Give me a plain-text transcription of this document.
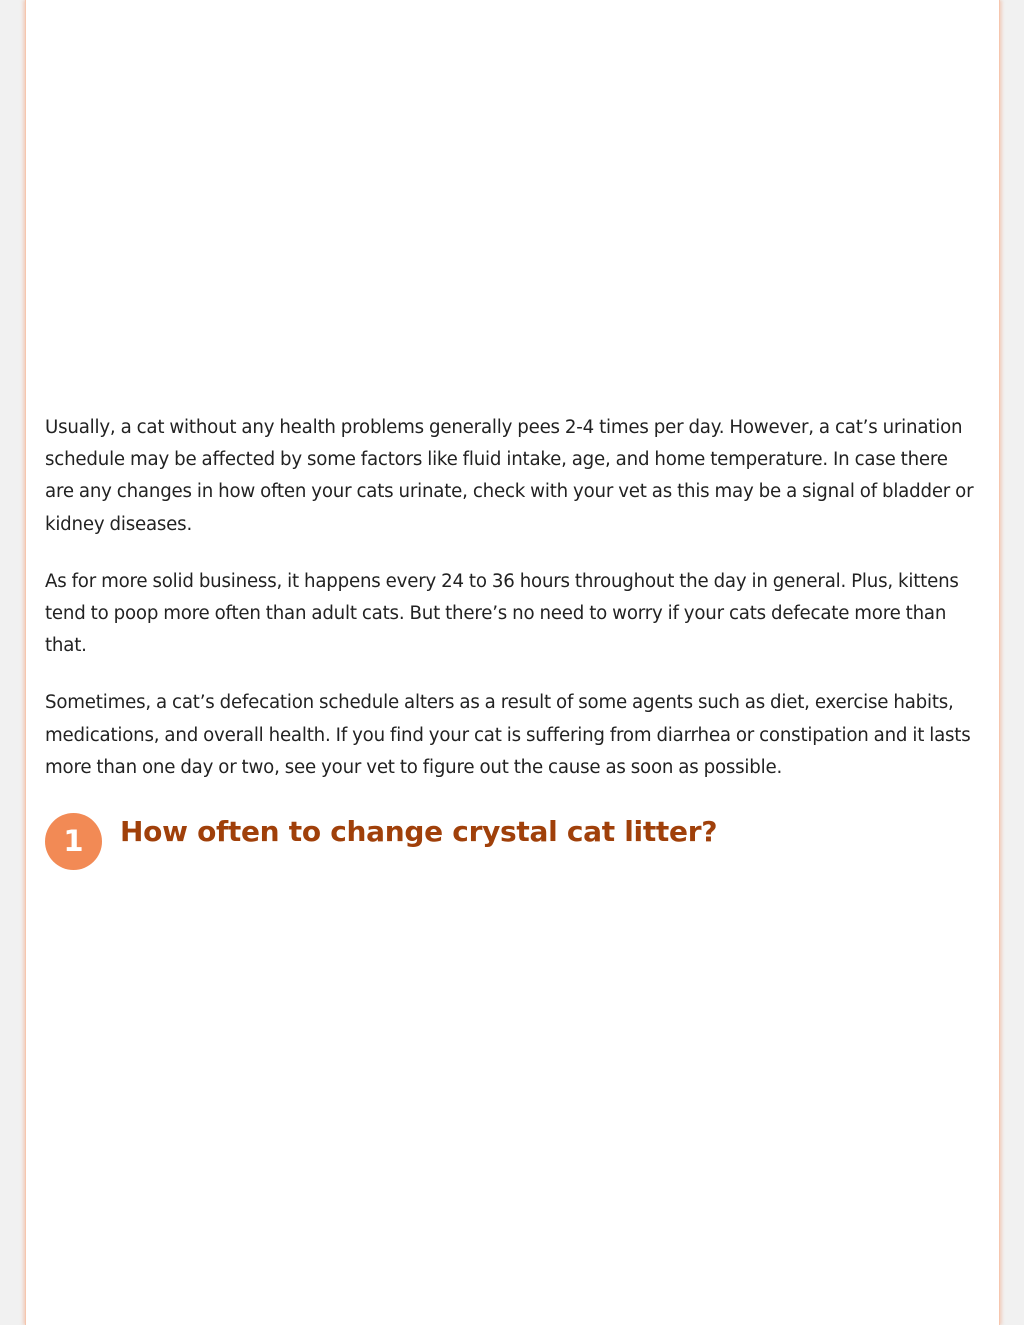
Usually, a cat without any health problems generally pees 2-4 times per day. However, a cat’s urination schedule may be affected by some factors like fluid intake, age, and home temperature. In case there are any changes in how often your cats urinate, check with your vet as this may be a signal of bladder or kidney diseases.

As for more solid business, it happens every 24 to 36 hours throughout the day in general. Plus, kittens tend to poop more often than adult cats. But there’s no need to worry if your cats defecate more than that.

Sometimes, a cat’s defecation schedule alters as a result of some agents such as diet, exercise habits, medications, and overall health. If you find your cat is suffering from diarrhea or constipation and it lasts more than one day or two, see your vet to figure out the cause as soon as possible.

1	How often to change crystal cat litter?
